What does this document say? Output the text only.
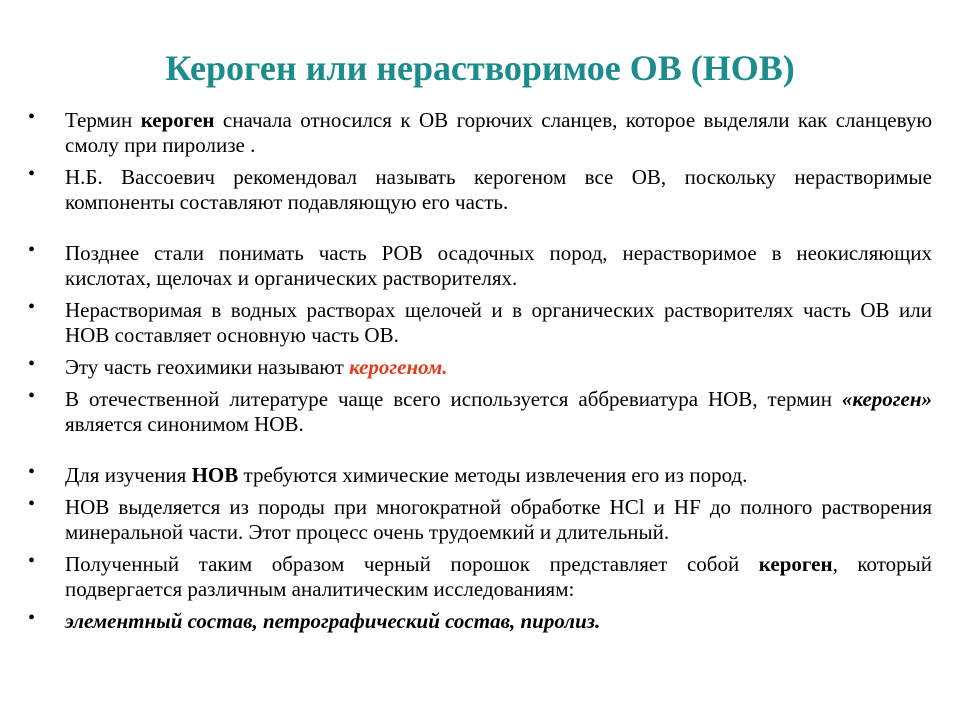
Кероген или нерастворимое ОВ (НОВ)
• Термин кероген сначала относился к ОВ горючих сланцев, которое выделяли как сланцевую смолу при пиролизе .
• Н.Б. Вассоевич рекомендовал называть керогеном все ОВ, поскольку нерастворимые компоненты составляют подавляющую его часть.
• Позднее стали понимать часть РОВ осадочных пород, нерастворимое в неокисляющих кислотах, щелочах и органических растворителях.
• Нерастворимая в водных растворах щелочей и в органических растворителях часть ОВ или НОВ составляет основную часть ОВ.
• Эту часть геохимики называют керогеном.
• В отечественной литературе чаще всего используется аббревиатура НОВ, термин «кероген» является синонимом НОВ.
• Для изучения НОВ требуются химические методы извлечения его из пород.
• НОВ выделяется из породы при многократной обработке HCl и HF до полного растворения минеральной части. Этот процесс очень трудоемкий и длительный.
• Полученный таким образом черный порошок представляет собой кероген, который подвергается различным аналитическим исследованиям:
• элементный состав, петрографический состав, пиролиз.
